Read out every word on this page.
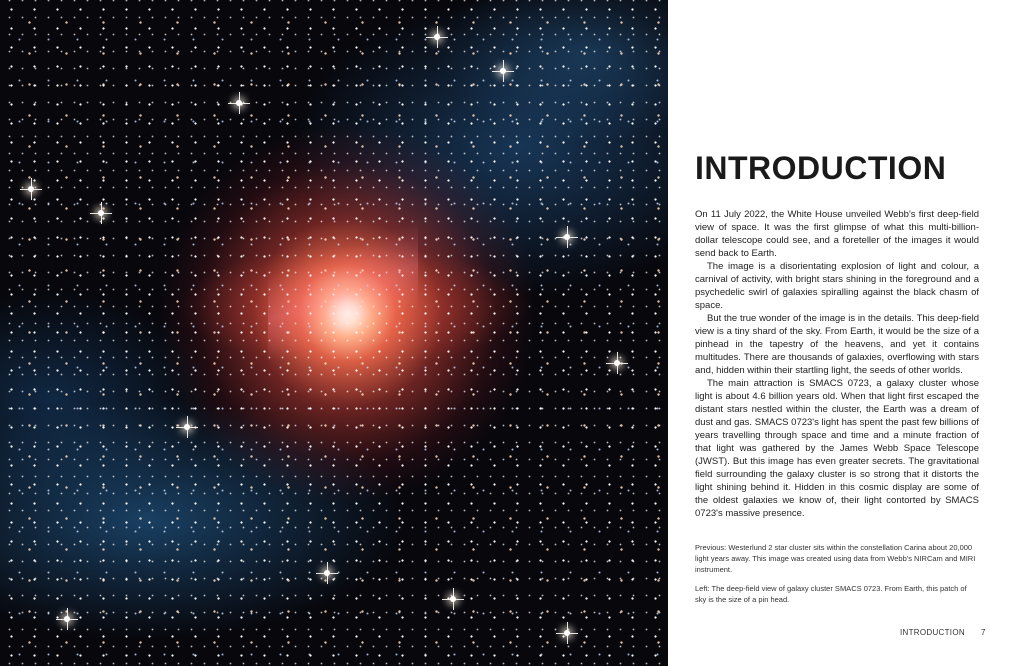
INTRODUCTION

On 11 July 2022, the White House unveiled Webb's first deep-field view of space. It was the first glimpse of what this multi-billion-dollar telescope could see, and a foreteller of the images it would send back to Earth.

The image is a disorientating explosion of light and colour, a carnival of activity, with bright stars shining in the foreground and a psychedelic swirl of galaxies spiralling against the black chasm of space.

But the true wonder of the image is in the details. This deep-field view is a tiny shard of the sky. From Earth, it would be the size of a pinhead in the tapestry of the heavens, and yet it contains multitudes. There are thousands of galaxies, overflowing with stars and, hidden within their startling light, the seeds of other worlds.

The main attraction is SMACS 0723, a galaxy cluster whose light is about 4.6 billion years old. When that light first escaped the distant stars nestled within the cluster, the Earth was a dream of dust and gas. SMACS 0723's light has spent the past few billions of years travelling through space and time and a minute fraction of that light was gathered by the James Webb Space Telescope (JWST). But this image has even greater secrets. The gravitational field surrounding the galaxy cluster is so strong that it distorts the light shining behind it. Hidden in this cosmic display are some of the oldest galaxies we know of, their light contorted by SMACS 0723's massive presence.

Previous: Westerlund 2 star cluster sits within the constellation Carina about 20,000 light years away. This image was created using data from Webb's NIRCam and MIRI instrument.

Left: The deep-field view of galaxy cluster SMACS 0723. From Earth, this patch of sky is the size of a pin head.

INTRODUCTION 7
